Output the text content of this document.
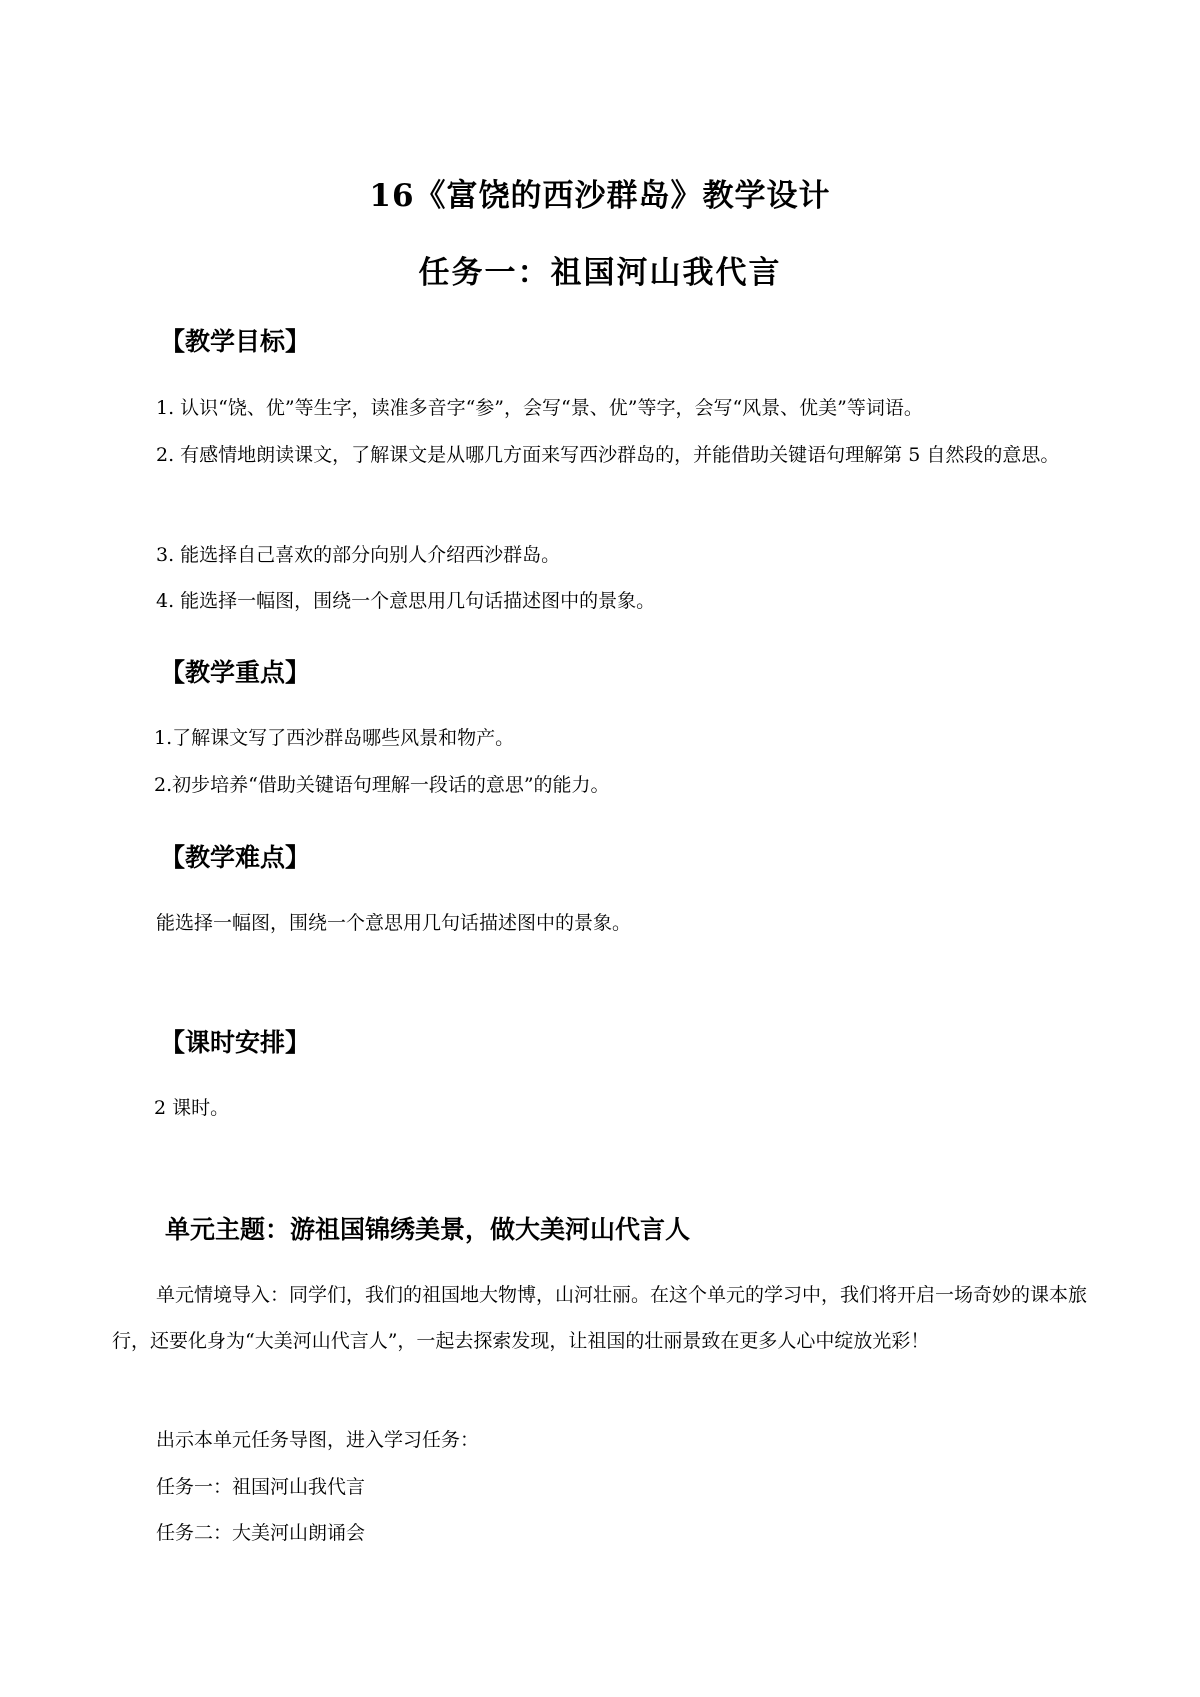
16《富饶的西沙群岛》教学设计
任务一：祖国河山我代言
【教学目标】
1. 认识“饶、优”等生字，读准多音字“参”，会写“景、优”等字，会写“风景、优美”等词语。
2. 有感情地朗读课文，了解课文是从哪几方面来写西沙群岛的，并能借助关键语句理解第 5 自然段的意思。
3. 能选择自己喜欢的部分向别人介绍西沙群岛。
4. 能选择一幅图，围绕一个意思用几句话描述图中的景象。
【教学重点】
1.了解课文写了西沙群岛哪些风景和物产。
2.初步培养“借助关键语句理解一段话的意思”的能力。
【教学难点】
能选择一幅图，围绕一个意思用几句话描述图中的景象。
【课时安排】
2 课时。
单元主题：游祖国锦绣美景，做大美河山代言人
单元情境导入：同学们，我们的祖国地大物博，山河壮丽。在这个单元的学习中，我们将开启一场奇妙的课本旅行，还要化身为“大美河山代言人”，一起去探索发现，让祖国的壮丽景致在更多人心中绽放光彩！
出示本单元任务导图，进入学习任务：
任务一：祖国河山我代言
任务二：大美河山朗诵会
